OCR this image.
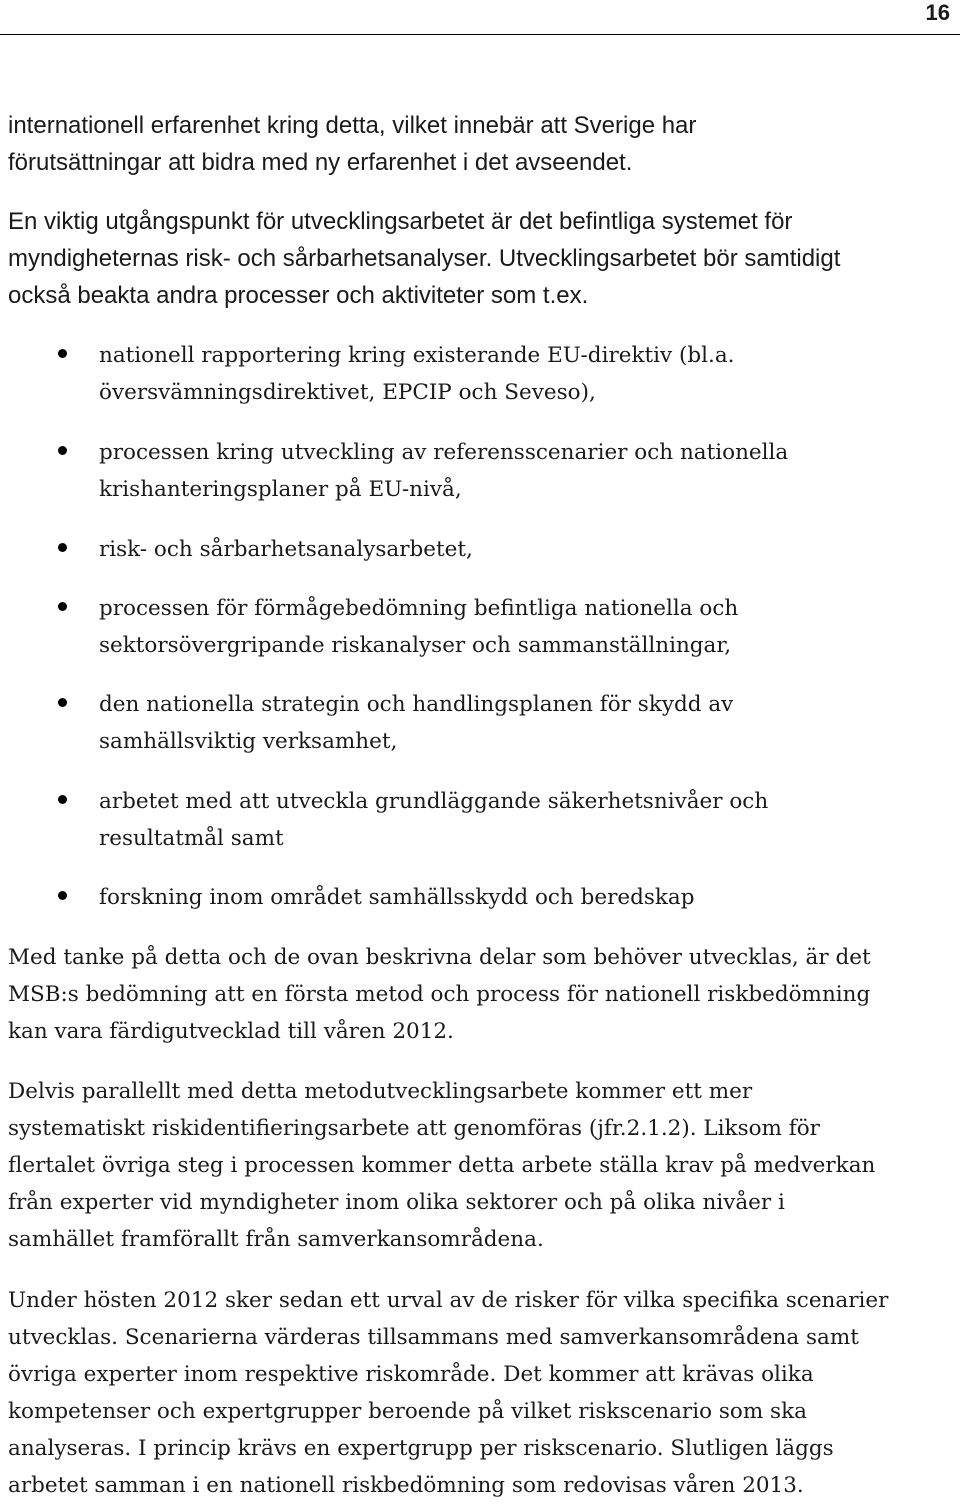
16

internationell erfarenhet kring detta, vilket innebär att Sverige har
förutsättningar att bidra med ny erfarenhet i det avseendet.

En viktig utgångspunkt för utvecklingsarbetet är det befintliga systemet för
myndigheternas risk- och sårbarhetsanalyser. Utvecklingsarbetet bör samtidigt
också beakta andra processer och aktiviteter som t.ex.

nationell rapportering kring existerande EU-direktiv (bl.a.
översvämningsdirektivet, EPCIP och Seveso),

processen kring utveckling av referensscenarier och nationella
krishanteringsplaner på EU-nivå,

risk- och sårbarhetsanalysarbetet,

processen för förmågebedömning befintliga nationella och
sektorsövergripande riskanalyser och sammanställningar,

den nationella strategin och handlingsplanen för skydd av
samhällsviktig verksamhet,

arbetet med att utveckla grundläggande säkerhetsnivåer och
resultatmål samt

forskning inom området samhällsskydd och beredskap

Med tanke på detta och de ovan beskrivna delar som behöver utvecklas, är det
MSB:s bedömning att en första metod och process för nationell riskbedömning
kan vara färdigutvecklad till våren 2012.

Delvis parallellt med detta metodutvecklingsarbete kommer ett mer
systematiskt riskidentifieringsarbete att genomföras (jfr.2.1.2). Liksom för
flertalet övriga steg i processen kommer detta arbete ställa krav på medverkan
från experter vid myndigheter inom olika sektorer och på olika nivåer i
samhället framförallt från samverkansområdena.

Under hösten 2012 sker sedan ett urval av de risker för vilka specifika scenarier
utvecklas. Scenarierna värderas tillsammans med samverkansområdena samt
övriga experter inom respektive riskområde. Det kommer att krävas olika
kompetenser och expertgrupper beroende på vilket riskscenario som ska
analyseras. I princip krävs en expertgrupp per riskscenario. Slutligen läggs
arbetet samman i en nationell riskbedömning som redovisas våren 2013.
